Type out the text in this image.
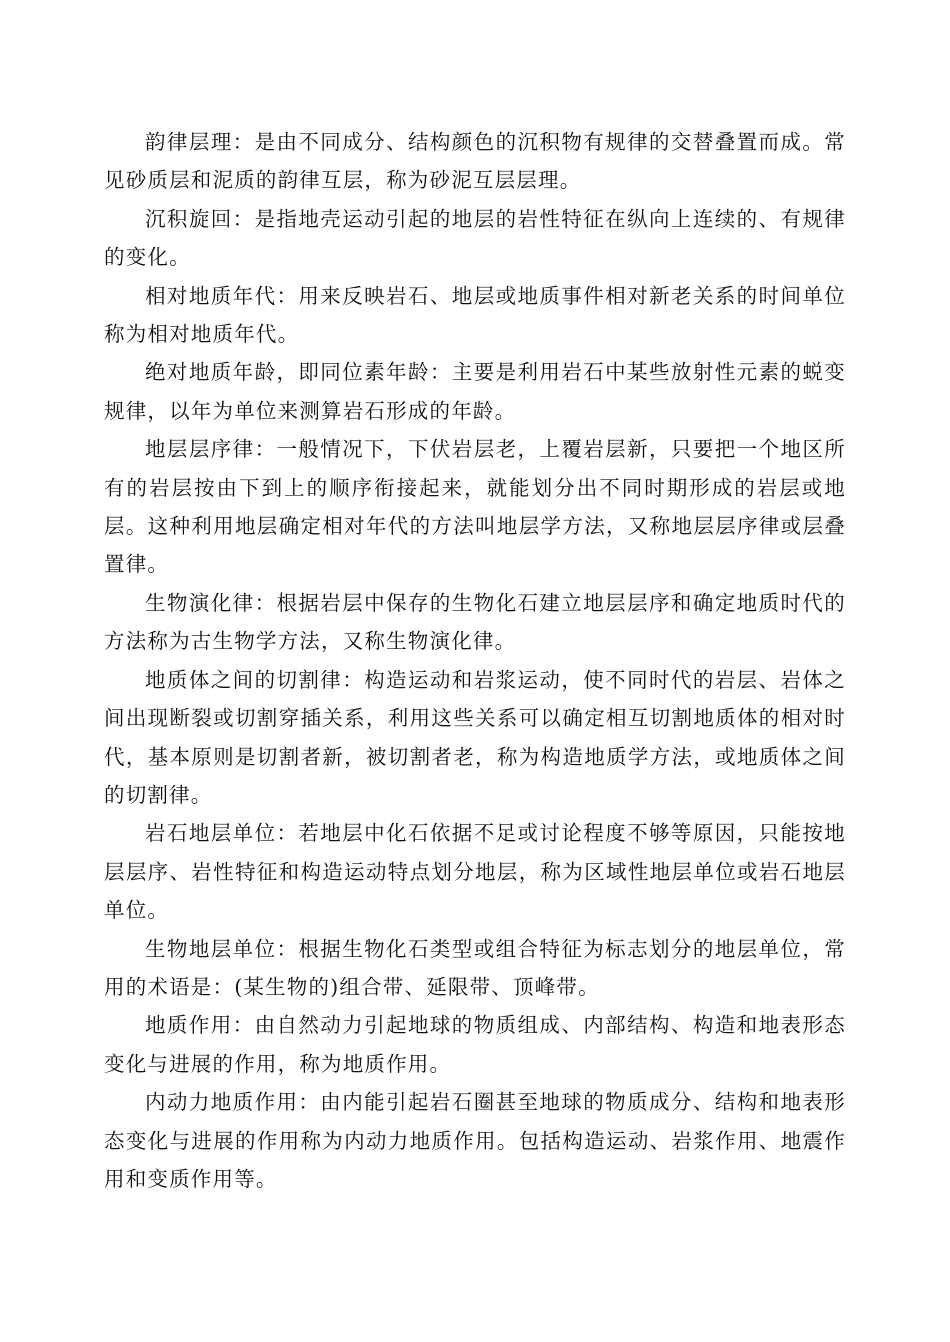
韵律层理：是由不同成分、结构颜色的沉积物有规律的交替叠置而成。常见砂质层和泥质的韵律互层，称为砂泥互层层理。

沉积旋回：是指地壳运动引起的地层的岩性特征在纵向上连续的、有规律的变化。

相对地质年代：用来反映岩石、地层或地质事件相对新老关系的时间单位称为相对地质年代。

绝对地质年龄，即同位素年龄：主要是利用岩石中某些放射性元素的蜕变规律，以年为单位来测算岩石形成的年龄。

地层层序律：一般情况下，下伏岩层老，上覆岩层新，只要把一个地区所有的岩层按由下到上的顺序衔接起来，就能划分出不同时期形成的岩层或地层。这种利用地层确定相对年代的方法叫地层学方法，又称地层层序律或层叠置律。

生物演化律：根据岩层中保存的生物化石建立地层层序和确定地质时代的方法称为古生物学方法，又称生物演化律。

地质体之间的切割律：构造运动和岩浆运动，使不同时代的岩层、岩体之间出现断裂或切割穿插关系，利用这些关系可以确定相互切割地质体的相对时代，基本原则是切割者新，被切割者老，称为构造地质学方法，或地质体之间的切割律。

岩石地层单位：若地层中化石依据不足或讨论程度不够等原因，只能按地层层序、岩性特征和构造运动特点划分地层，称为区域性地层单位或岩石地层单位。

生物地层单位：根据生物化石类型或组合特征为标志划分的地层单位，常用的术语是：(某生物的)组合带、延限带、顶峰带。

地质作用：由自然动力引起地球的物质组成、内部结构、构造和地表形态变化与进展的作用，称为地质作用。

内动力地质作用：由内能引起岩石圈甚至地球的物质成分、结构和地表形态变化与进展的作用称为内动力地质作用。包括构造运动、岩浆作用、地震作用和变质作用等。
